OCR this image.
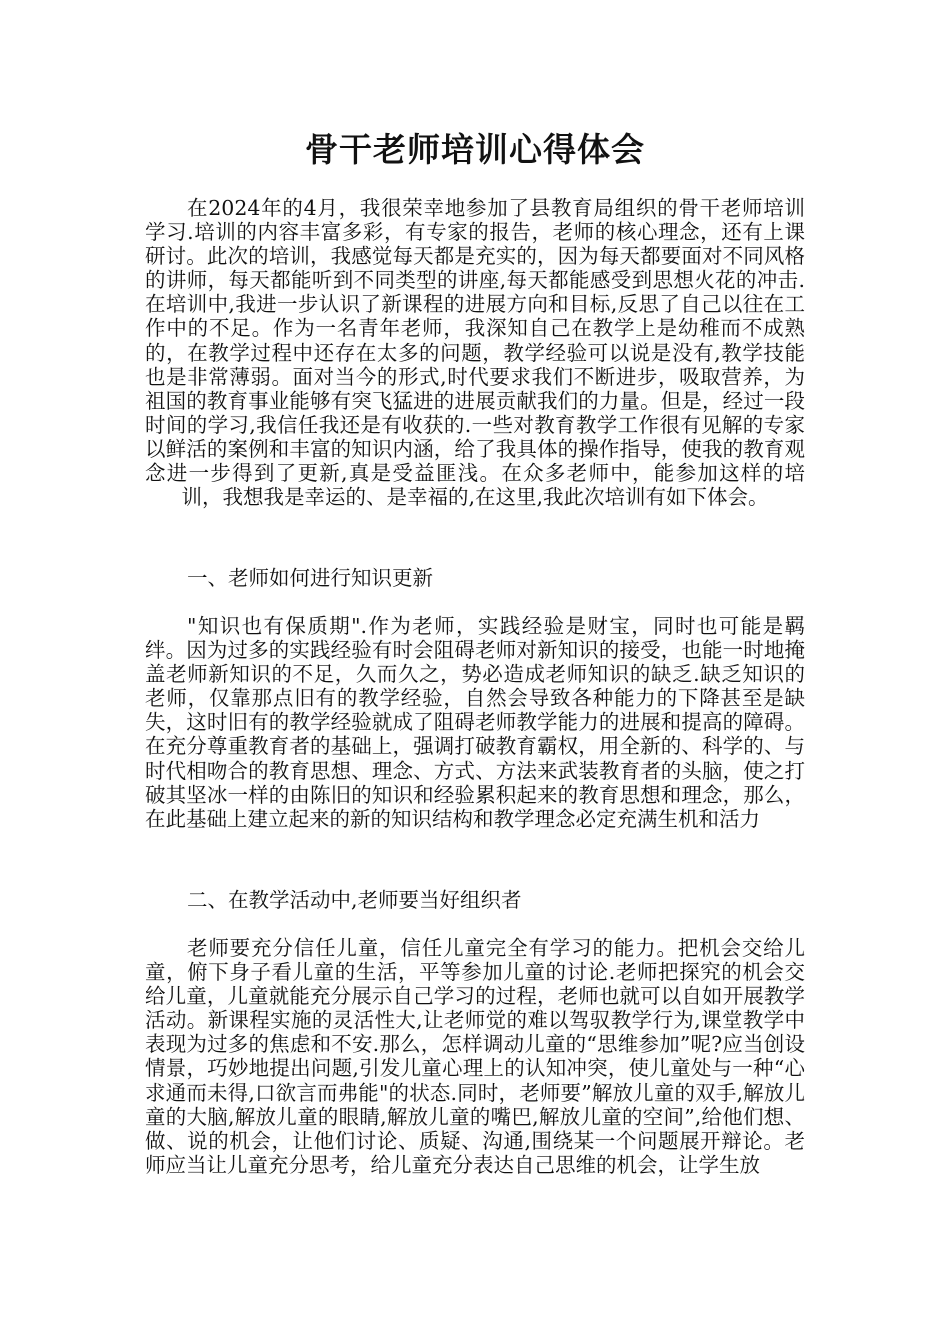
骨干老师培训心得体会

在2024年的4月，我很荣幸地参加了县教育局组织的骨干老师培训学习.培训的内容丰富多彩，有专家的报告，老师的核心理念，还有上课研讨。此次的培训，我感觉每天都是充实的，因为每天都要面对不同风格的讲师，每天都能听到不同类型的讲座,每天都能感受到思想火花的冲击.在培训中,我进一步认识了新课程的进展方向和目标,反思了自己以往在工作中的不足。作为一名青年老师，我深知自己在教学上是幼稚而不成熟的，在教学过程中还存在太多的问题，教学经验可以说是没有,教学技能也是非常薄弱。面对当今的形式,时代要求我们不断进步，吸取营养，为祖国的教育事业能够有突飞猛进的进展贡献我们的力量。但是，经过一段时间的学习,我信任我还是有收获的.一些对教育教学工作很有见解的专家以鲜活的案例和丰富的知识内涵，给了我具体的操作指导，使我的教育观念进一步得到了更新,真是受益匪浅。在众多老师中，能参加这样的培训，我想我是幸运的、是幸福的,在这里,我此次培训有如下体会。

一、老师如何进行知识更新

"知识也有保质期".作为老师，实践经验是财宝，同时也可能是羁绊。因为过多的实践经验有时会阻碍老师对新知识的接受，也能一时地掩盖老师新知识的不足，久而久之，势必造成老师知识的缺乏.缺乏知识的老师，仅靠那点旧有的教学经验，自然会导致各种能力的下降甚至是缺失，这时旧有的教学经验就成了阻碍老师教学能力的进展和提高的障碍。在充分尊重教育者的基础上，强调打破教育霸权，用全新的、科学的、与时代相吻合的教育思想、理念、方式、方法来武装教育者的头脑，使之打破其坚冰一样的由陈旧的知识和经验累积起来的教育思想和理念，那么，在此基础上建立起来的新的知识结构和教学理念必定充满生机和活力

二、在教学活动中,老师要当好组织者

老师要充分信任儿童，信任儿童完全有学习的能力。把机会交给儿童，俯下身子看儿童的生活，平等参加儿童的讨论.老师把探究的机会交给儿童，儿童就能充分展示自己学习的过程，老师也就可以自如开展教学活动。新课程实施的灵活性大,让老师觉的难以驾驭教学行为,课堂教学中表现为过多的焦虑和不安.那么，怎样调动儿童的“思维参加”呢?应当创设情景，巧妙地提出问题,引发儿童心理上的认知冲突，使儿童处与一种“心求通而未得,口欲言而弗能"的状态.同时，老师要”解放儿童的双手,解放儿童的大脑,解放儿童的眼睛,解放儿童的嘴巴,解放儿童的空间”,给他们想、做、说的机会，让他们讨论、质疑、沟通,围绕某一个问题展开辩论。老师应当让儿童充分思考，给儿童充分表达自己思维的机会，让学生放
